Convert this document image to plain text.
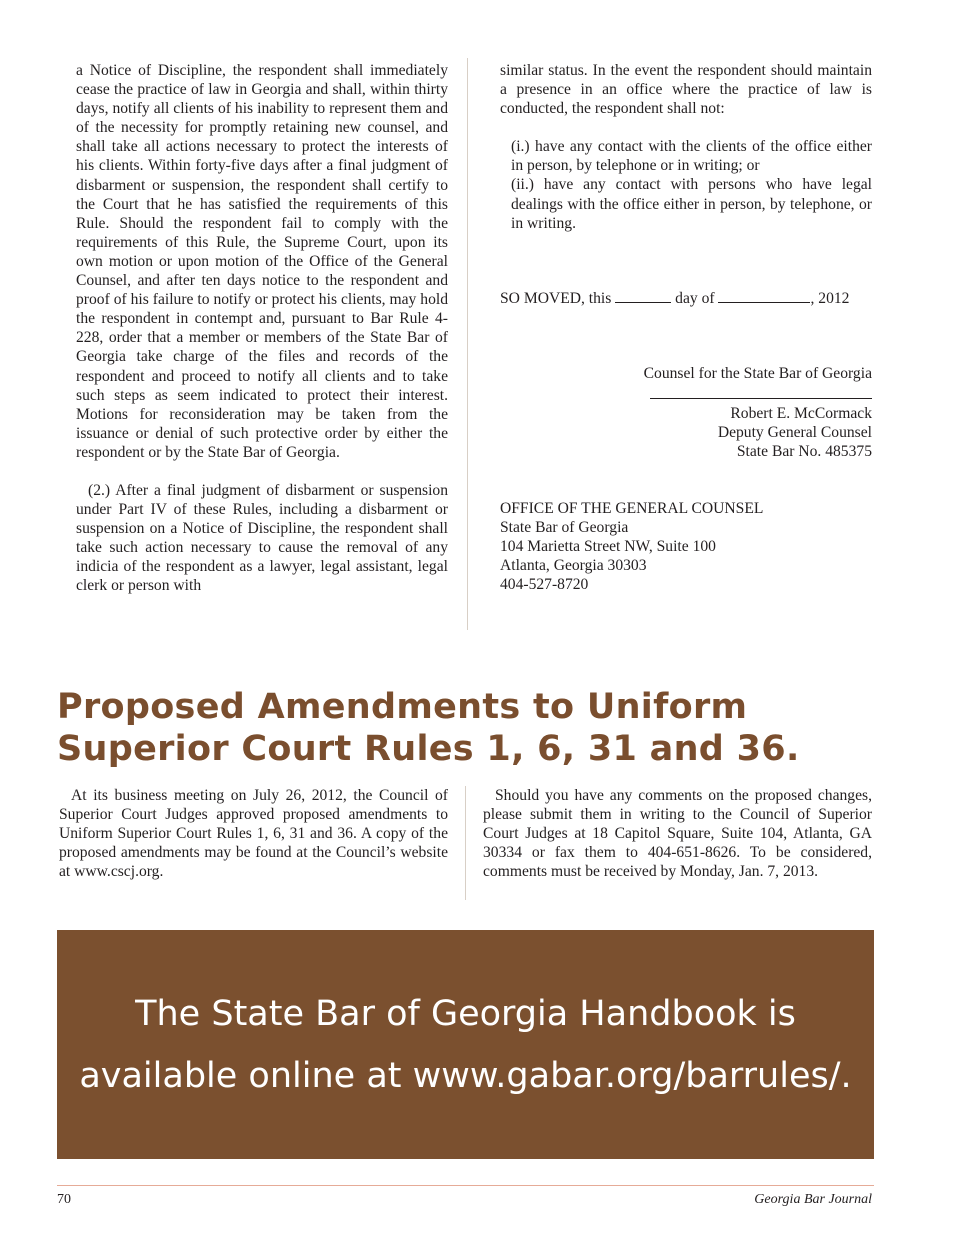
a Notice of Discipline, the respondent shall immediately cease the practice of law in Georgia and shall, within thirty days, notify all clients of his inability to represent them and of the necessity for promptly retaining new counsel, and shall take all actions necessary to protect the interests of his clients. Within forty-five days after a final judgment of disbarment or suspension, the respondent shall certify to the Court that he has satisfied the requirements of this Rule. Should the respondent fail to comply with the requirements of this Rule, the Supreme Court, upon its own motion or upon motion of the Office of the General Counsel, and after ten days notice to the respondent and proof of his failure to notify or protect his clients, may hold the respondent in contempt and, pursuant to Bar Rule 4-228, order that a member or members of the State Bar of Georgia take charge of the files and records of the respondent and proceed to notify all clients and to take such steps as seem indicated to protect their interest. Motions for reconsideration may be taken from the issuance or denial of such protective order by either the respondent or by the State Bar of Georgia.

(2.) After a final judgment of disbarment or suspension under Part IV of these Rules, including a disbarment or suspension on a Notice of Discipline, the respondent shall take such action necessary to cause the removal of any indicia of the respondent as a lawyer, legal assistant, legal clerk or person with

similar status. In the event the respondent should maintain a presence in an office where the practice of law is conducted, the respondent shall not:

(i.) have any contact with the clients of the office either in person, by telephone or in writing; or

(ii.) have any contact with persons who have legal dealings with the office either in person, by telephone, or in writing.

SO MOVED, this	day of	, 2012
Counsel for the State Bar of Georgia
Robert E. McCormack
Deputy General Counsel
State Bar No. 485375
OFFICE OF THE GENERAL COUNSEL
State Bar of Georgia
104 Marietta Street NW, Suite 100
Atlanta, Georgia 30303
404-527-8720
Proposed Amendments to Uniform
Superior Court Rules 1, 6, 31 and 36.

At its business meeting on July 26, 2012, the Council of Superior Court Judges approved proposed amendments to Uniform Superior Court Rules 1, 6, 31 and 36. A copy of the proposed amendments may be found at the Council’s website at www.cscj.org.

Should you have any comments on the proposed changes, please submit them in writing to the Council of Superior Court Judges at 18 Capitol Square, Suite 104, Atlanta, GA 30334 or fax them to 404-651-8626. To be considered, comments must be received by Monday, Jan. 7, 2013.

The State Bar of Georgia Handbook is
available online at www.gabar.org/barrules/.

70	Georgia Bar Journal
